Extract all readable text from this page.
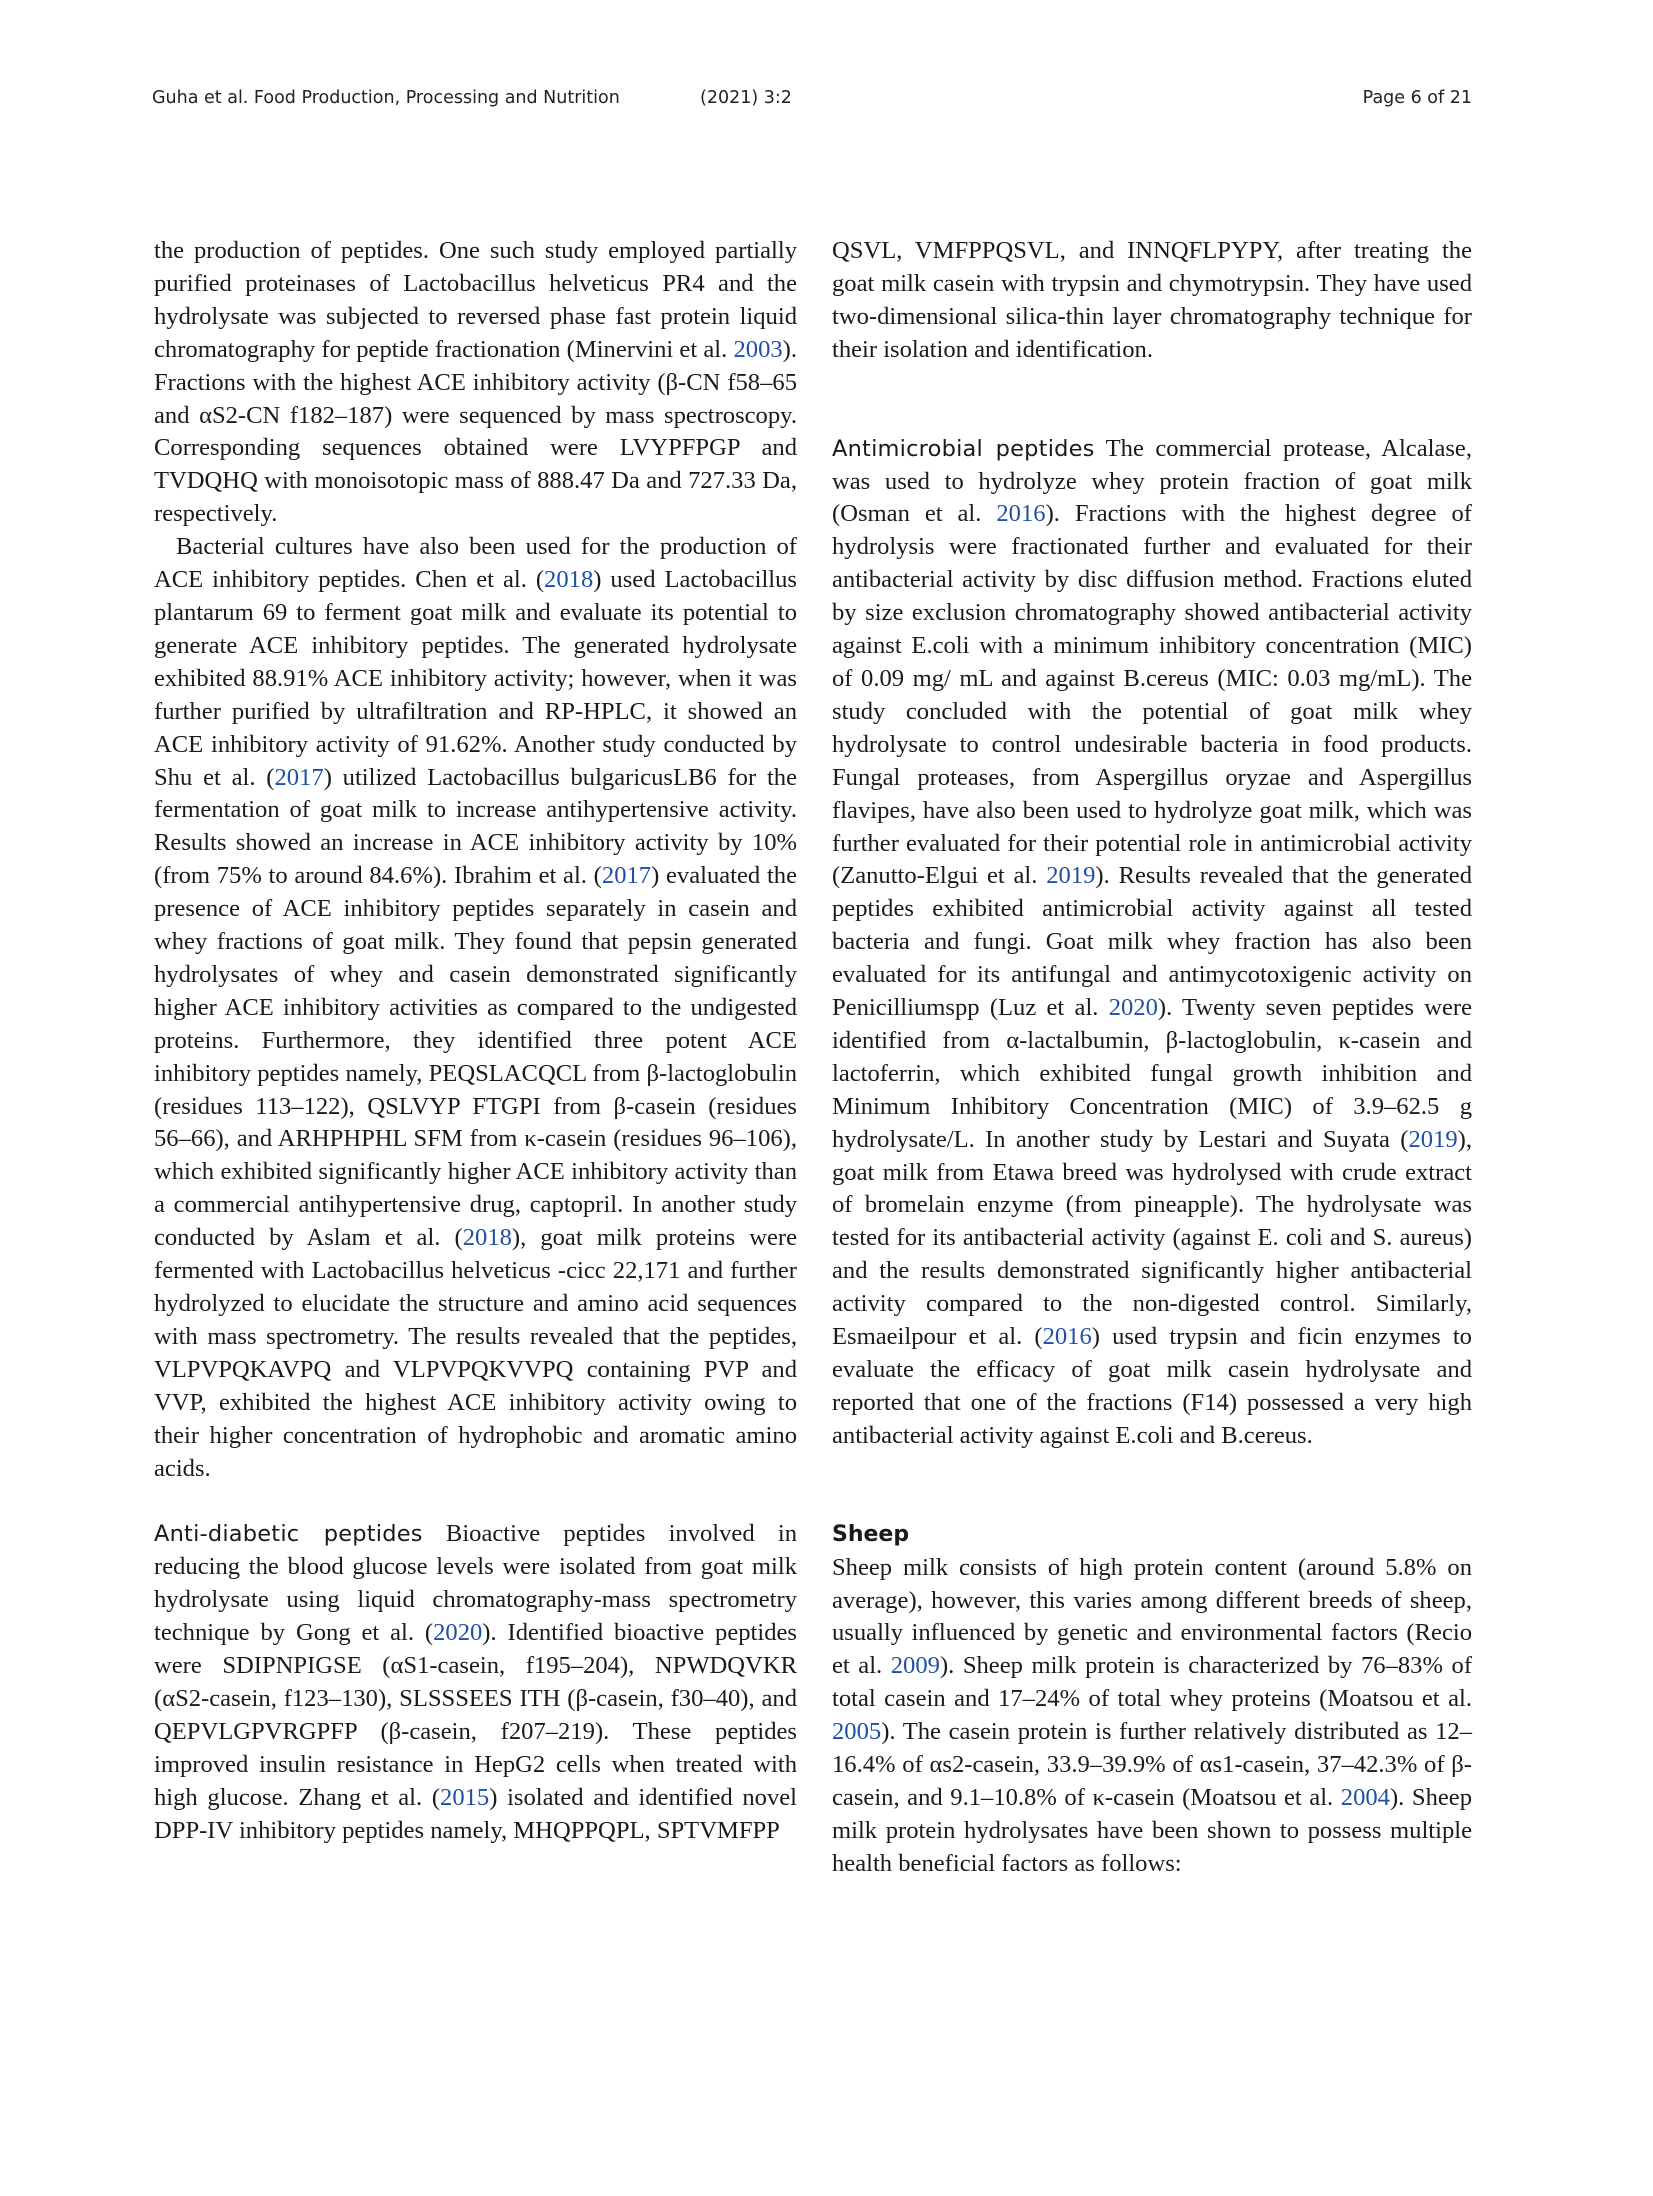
Guha et al. Food Production, Processing and Nutrition	(2021) 3:2	Page 6 of 21

the production of peptides. One such study employed partially purified proteinases of Lactobacillus helveticus PR4 and the hydrolysate was subjected to reversed phase fast protein liquid chromatography for peptide fractionation (Minervini et al. 2003). Fractions with the highest ACE inhibitory activity (β-CN f58–65 and αS2-CN f182–187) were sequenced by mass spectroscopy. Corresponding sequences obtained were LVYPFPGP and TVDQHQ with monoisotopic mass of 888.47 Da and 727.33 Da, respectively.

Bacterial cultures have also been used for the production of ACE inhibitory peptides. Chen et al. (2018) used Lactobacillus plantarum 69 to ferment goat milk and evaluate its potential to generate ACE inhibitory peptides. The generated hydrolysate exhibited 88.91% ACE inhibitory activity; however, when it was further purified by ultrafiltration and RP-HPLC, it showed an ACE inhibitory activity of 91.62%. Another study conducted by Shu et al. (2017) utilized Lactobacillus bulgaricusLB6 for the fermentation of goat milk to increase antihypertensive activity. Results showed an increase in ACE inhibitory activity by 10% (from 75% to around 84.6%). Ibrahim et al. (2017) evaluated the presence of ACE inhibitory peptides separately in casein and whey fractions of goat milk. They found that pepsin generated hydrolysates of whey and casein demonstrated significantly higher ACE inhibitory activities as compared to the undigested proteins. Furthermore, they identified three potent ACE inhibitory peptides namely, PEQSLACQCL from β-lactoglobulin (residues 113–122), QSLVYP FTGPI from β-casein (residues 56–66), and ARHPHPHL SFM from κ-casein (residues 96–106), which exhibited significantly higher ACE inhibitory activity than a commercial antihypertensive drug, captopril. In another study conducted by Aslam et al. (2018), goat milk proteins were fermented with Lactobacillus helveticus -cicc 22,171 and further hydrolyzed to elucidate the structure and amino acid sequences with mass spectrometry. The results revealed that the peptides, VLPVPQKAVPQ and VLPVPQKVVPQ containing PVP and VVP, exhibited the highest ACE inhibitory activity owing to their higher concentration of hydrophobic and aromatic amino acids.

Anti-diabetic peptides Bioactive peptides involved in reducing the blood glucose levels were isolated from goat milk hydrolysate using liquid chromatography-mass spectrometry technique by Gong et al. (2020). Identified bioactive peptides were SDIPNPIGSE (αS1-casein, f195–204), NPWDQVKR (αS2-casein, f123–130), SLSSSEES ITH (β-casein, f30–40), and QEPVLGPVRGPFP (β-casein, f207–219). These peptides improved insulin resistance in HepG2 cells when treated with high glucose. Zhang et al. (2015) isolated and identified novel DPP-IV inhibitory peptides namely, MHQPPQPL, SPTVMFPP

QSVL, VMFPPQSVL, and INNQFLPYPY, after treating the goat milk casein with trypsin and chymotrypsin. They have used two-dimensional silica-thin layer chromatography technique for their isolation and identification.

Antimicrobial peptides The commercial protease, Alcalase, was used to hydrolyze whey protein fraction of goat milk (Osman et al. 2016). Fractions with the highest degree of hydrolysis were fractionated further and evaluated for their antibacterial activity by disc diffusion method. Fractions eluted by size exclusion chromatography showed antibacterial activity against E.coli with a minimum inhibitory concentration (MIC) of 0.09 mg/ mL and against B.cereus (MIC: 0.03 mg/mL). The study concluded with the potential of goat milk whey hydrolysate to control undesirable bacteria in food products. Fungal proteases, from Aspergillus oryzae and Aspergillus flavipes, have also been used to hydrolyze goat milk, which was further evaluated for their potential role in antimicrobial activity (Zanutto-Elgui et al. 2019). Results revealed that the generated peptides exhibited antimicrobial activity against all tested bacteria and fungi. Goat milk whey fraction has also been evaluated for its antifungal and antimycotoxigenic activity on Penicilliumspp (Luz et al. 2020). Twenty seven peptides were identified from α-lactalbumin, β-lactoglobulin, κ-casein and lactoferrin, which exhibited fungal growth inhibition and Minimum Inhibitory Concentration (MIC) of 3.9–62.5 g hydrolysate/L. In another study by Lestari and Suyata (2019), goat milk from Etawa breed was hydrolysed with crude extract of bromelain enzyme (from pineapple). The hydrolysate was tested for its antibacterial activity (against E. coli and S. aureus) and the results demonstrated significantly higher antibacterial activity compared to the non-digested control. Similarly, Esmaeilpour et al. (2016) used trypsin and ficin enzymes to evaluate the efficacy of goat milk casein hydrolysate and reported that one of the fractions (F14) possessed a very high antibacterial activity against E.coli and B.cereus.

Sheep

Sheep milk consists of high protein content (around 5.8% on average), however, this varies among different breeds of sheep, usually influenced by genetic and environmental factors (Recio et al. 2009). Sheep milk protein is characterized by 76–83% of total casein and 17–24% of total whey proteins (Moatsou et al. 2005). The casein protein is further relatively distributed as 12–16.4% of αs2-casein, 33.9–39.9% of αs1-casein, 37–42.3% of β-casein, and 9.1–10.8% of κ-casein (Moatsou et al. 2004). Sheep milk protein hydrolysates have been shown to possess multiple health beneficial factors as follows:
